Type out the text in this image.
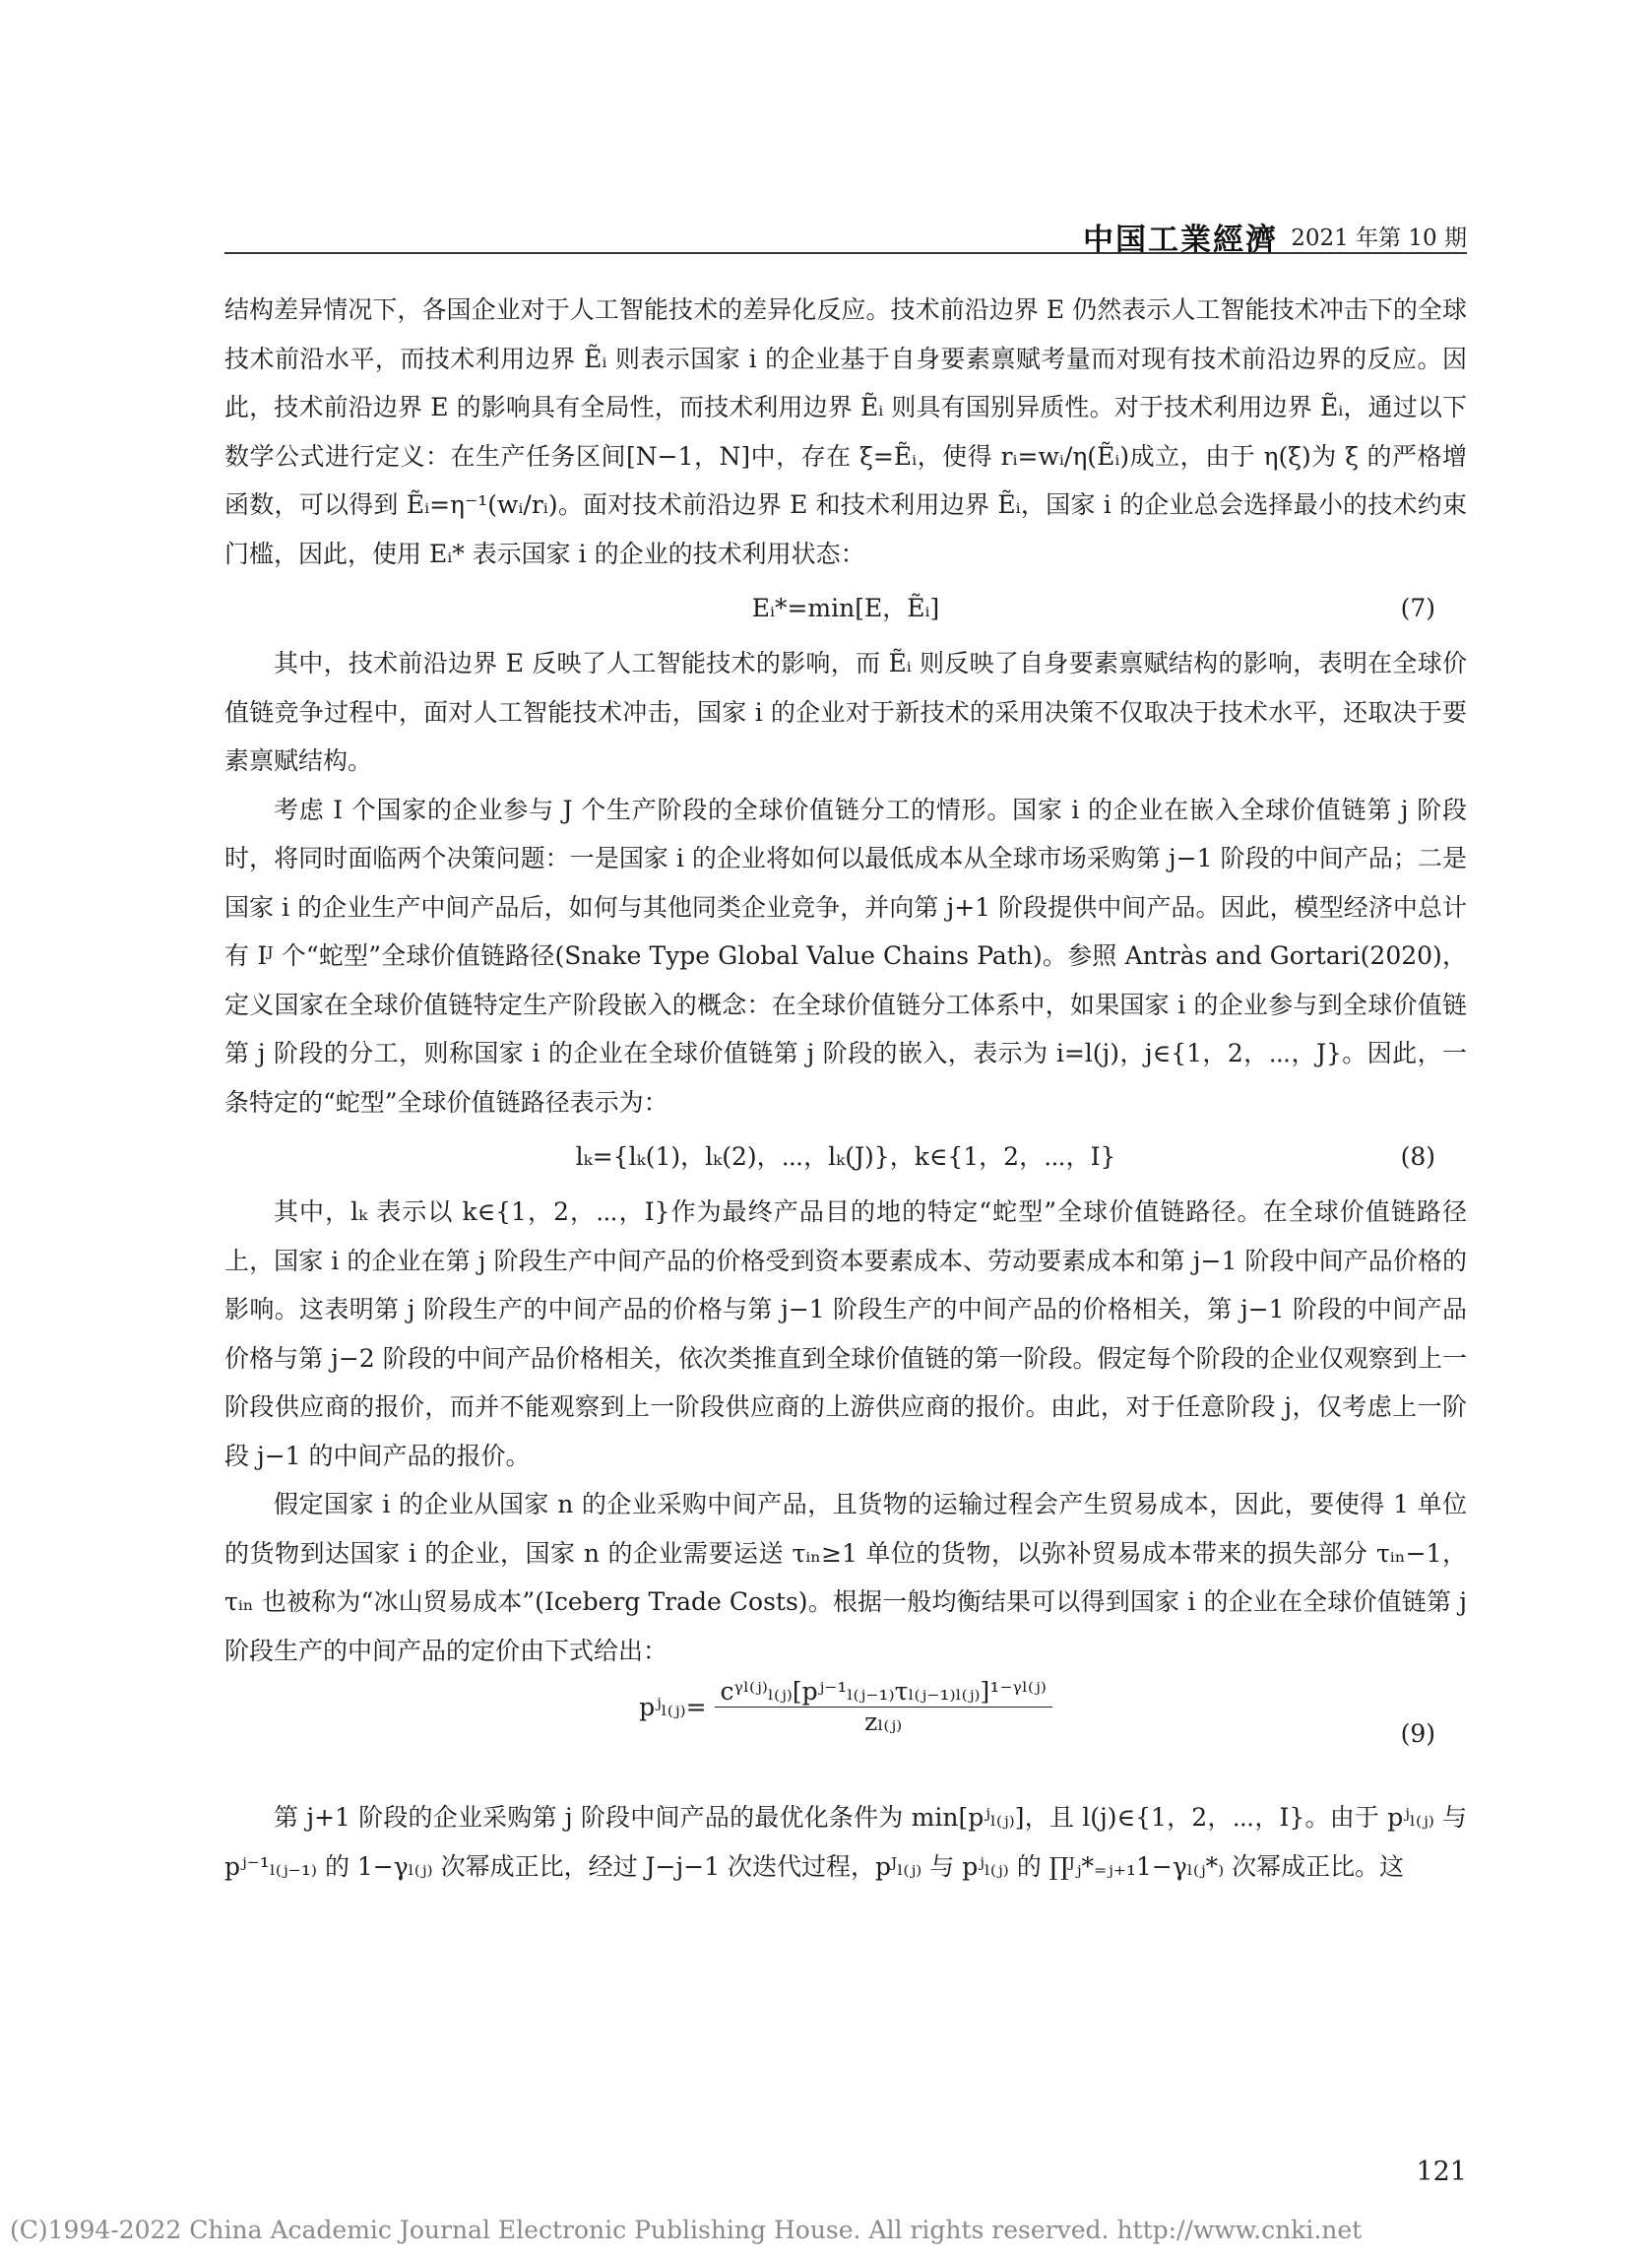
中国工業經濟 2021 年第 10 期

结构差异情况下，各国企业对于人工智能技术的差异化反应。技术前沿边界 E 仍然表示人工智能技术冲击下的全球技术前沿水平，而技术利用边界 Ẽᵢ 则表示国家 i 的企业基于自身要素禀赋考量而对现有技术前沿边界的反应。因此，技术前沿边界 E 的影响具有全局性，而技术利用边界 Ẽᵢ 则具有国别异质性。对于技术利用边界 Ẽᵢ，通过以下数学公式进行定义：在生产任务区间[N−1，N]中，存在 ξ=Ẽᵢ，使得 rᵢ=wᵢ/η(Ẽᵢ)成立，由于 η(ξ)为 ξ 的严格增函数，可以得到 Ẽᵢ=η⁻¹(wᵢ/rᵢ)。面对技术前沿边界 E 和技术利用边界 Ẽᵢ，国家 i 的企业总会选择最小的技术约束门槛，因此，使用 Eᵢ* 表示国家 i 的企业的技术利用状态：

Eᵢ*=min[E，Ẽᵢ]	(7)

其中，技术前沿边界 E 反映了人工智能技术的影响，而 Ẽᵢ 则反映了自身要素禀赋结构的影响，表明在全球价值链竞争过程中，面对人工智能技术冲击，国家 i 的企业对于新技术的采用决策不仅取决于技术水平，还取决于要素禀赋结构。

考虑 I 个国家的企业参与 J 个生产阶段的全球价值链分工的情形。国家 i 的企业在嵌入全球价值链第 j 阶段时，将同时面临两个决策问题：一是国家 i 的企业将如何以最低成本从全球市场采购第 j−1 阶段的中间产品；二是国家 i 的企业生产中间产品后，如何与其他同类企业竞争，并向第 j+1 阶段提供中间产品。因此，模型经济中总计有 Iᴶ 个“蛇型”全球价值链路径(Snake Type Global Value Chains Path)。参照 Antràs and Gortari(2020)，定义国家在全球价值链特定生产阶段嵌入的概念：在全球价值链分工体系中，如果国家 i 的企业参与到全球价值链第 j 阶段的分工，则称国家 i 的企业在全球价值链第 j 阶段的嵌入，表示为 i=l(j)，j∈{1，2，⋯，J}。因此，一条特定的“蛇型”全球价值链路径表示为：

lₖ={lₖ(1)，lₖ(2)，⋯，lₖ(J)}，k∈{1，2，⋯，I}	(8)

其中，lₖ 表示以 k∈{1，2，⋯，I}作为最终产品目的地的特定“蛇型”全球价值链路径。在全球价值链路径上，国家 i 的企业在第 j 阶段生产中间产品的价格受到资本要素成本、劳动要素成本和第 j−1 阶段中间产品价格的影响。这表明第 j 阶段生产的中间产品的价格与第 j−1 阶段生产的中间产品的价格相关，第 j−1 阶段的中间产品价格与第 j−2 阶段的中间产品价格相关，依次类推直到全球价值链的第一阶段。假定每个阶段的企业仅观察到上一阶段供应商的报价，而并不能观察到上一阶段供应商的上游供应商的报价。由此，对于任意阶段 j，仅考虑上一阶段 j−1 的中间产品的报价。

假定国家 i 的企业从国家 n 的企业采购中间产品，且货物的运输过程会产生贸易成本，因此，要使得 1 单位的货物到达国家 i 的企业，国家 n 的企业需要运送 τᵢₙ≥1 单位的货物，以弥补贸易成本带来的损失部分 τᵢₙ−1，τᵢₙ 也被称为“冰山贸易成本”(Iceberg Trade Costs)。根据一般均衡结果可以得到国家 i 的企业在全球价值链第 j 阶段生产的中间产品的定价由下式给出：

pʲₗ₍ⱼ₎= $\frac{\text{cᵞˡ⁽ʲ⁾ₗ₍ⱼ₎[pʲ⁻¹ₗ₍ⱼ₋₁₎τₗ₍ⱼ₋₁₎ₗ₍ⱼ₎]¹⁻ᵞˡ⁽ʲ⁾}}{\text{zₗ₍ⱼ₎}}$	(9)

第 j+1 阶段的企业采购第 j 阶段中间产品的最优化条件为 min[pʲₗ₍ⱼ₎]，且 l(j)∈{1，2，⋯，I}。由于 pʲₗ₍ⱼ₎ 与 pʲ⁻¹ₗ₍ⱼ₋₁₎ 的 1−γₗ₍ⱼ₎ 次幂成正比，经过 J−j−1 次迭代过程，pᴶₗ₍ⱼ₎ 与 pʲₗ₍ⱼ₎ 的 ∏ᴶⱼ*₌ⱼ₊₁1−γₗ₍ⱼ*₎ 次幂成正比。这

121
(C)1994-2022 China Academic Journal Electronic Publishing House. All rights reserved. http://www.cnki.net
